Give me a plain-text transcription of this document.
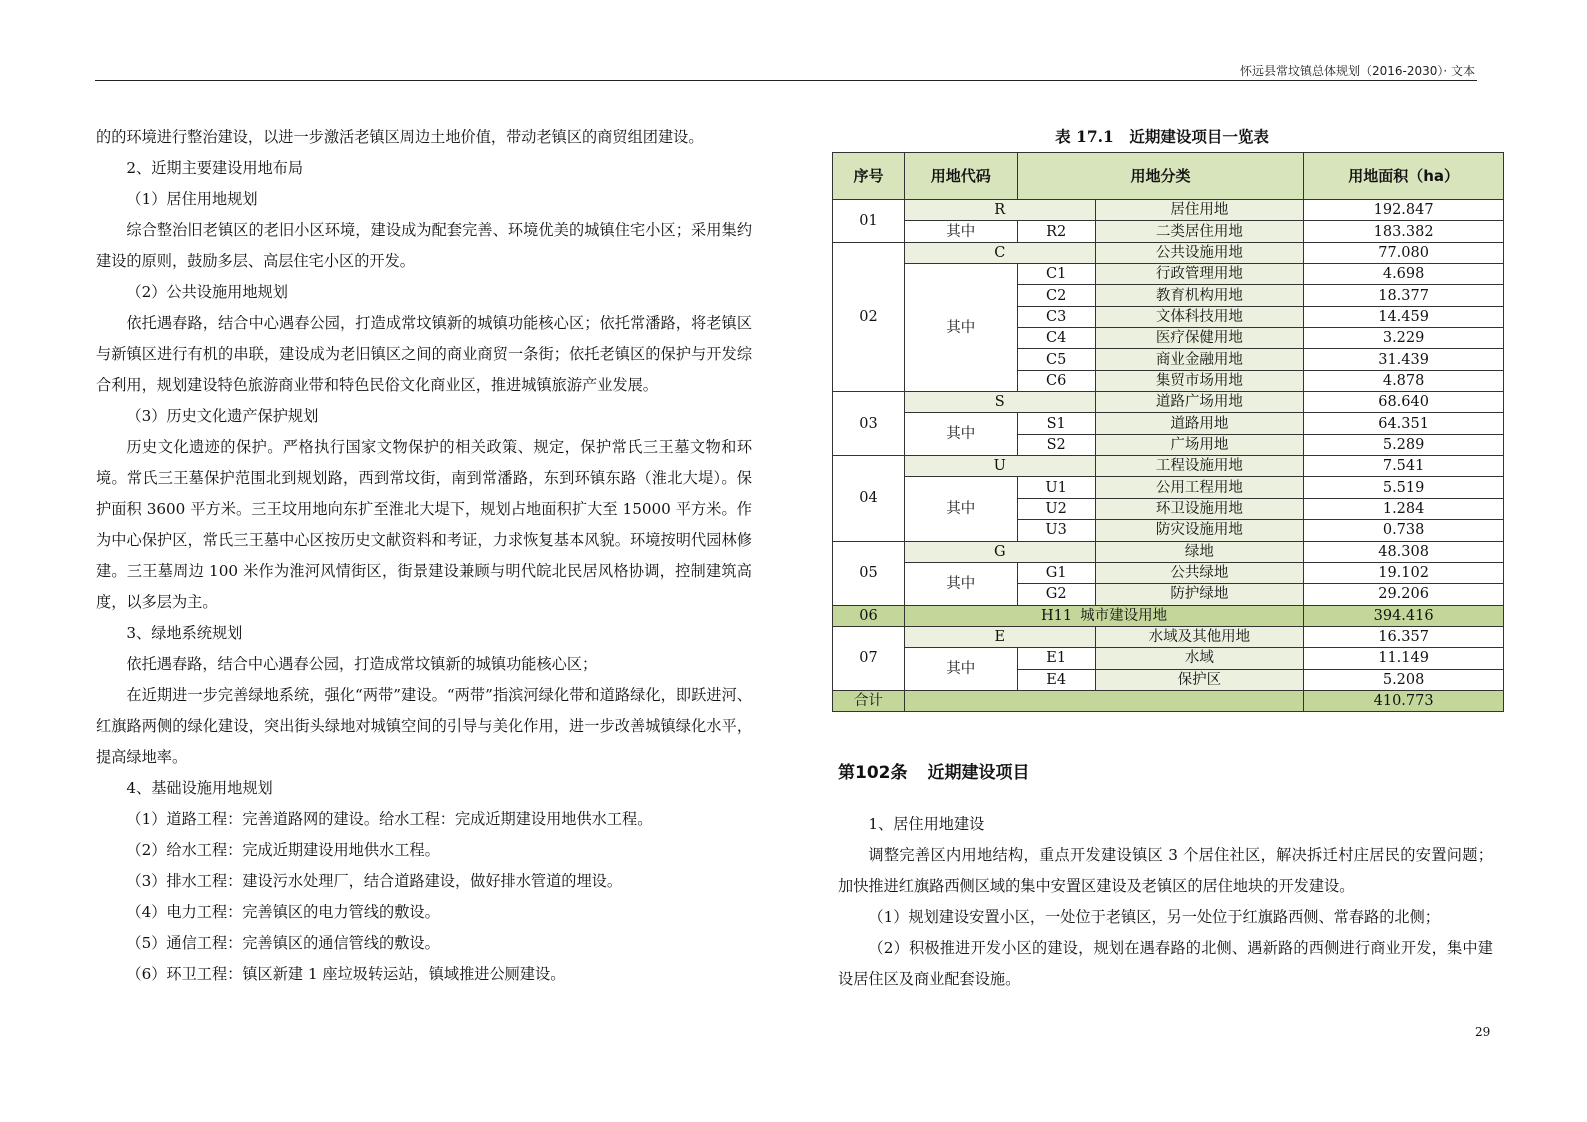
怀远县常坟镇总体规划（2016-2030）· 文本

的的环境进行整治建设，以进一步激活老镇区周边土地价值，带动老镇区的商贸组团建设。

2、近期主要建设用地布局

（1）居住用地规划

综合整治旧老镇区的老旧小区环境，建设成为配套完善、环境优美的城镇住宅小区；采用集约建设的原则，鼓励多层、高层住宅小区的开发。

（2）公共设施用地规划

依托遇春路，结合中心遇春公园，打造成常坟镇新的城镇功能核心区；依托常潘路，将老镇区与新镇区进行有机的串联，建设成为老旧镇区之间的商业商贸一条街；依托老镇区的保护与开发综合利用，规划建设特色旅游商业带和特色民俗文化商业区，推进城镇旅游产业发展。

（3）历史文化遗产保护规划

历史文化遗迹的保护。严格执行国家文物保护的相关政策、规定，保护常氏三王墓文物和环境。常氏三王墓保护范围北到规划路，西到常坟街，南到常潘路，东到环镇东路（淮北大堤）。保护面积 3600 平方米。三王坟用地向东扩至淮北大堤下，规划占地面积扩大至 15000 平方米。作为中心保护区，常氏三王墓中心区按历史文献资料和考证，力求恢复基本风貌。环境按明代园林修建。三王墓周边 100 米作为淮河风情街区，街景建设兼顾与明代皖北民居风格协调，控制建筑高度，以多层为主。

3、绿地系统规划

依托遇春路，结合中心遇春公园，打造成常坟镇新的城镇功能核心区；

在近期进一步完善绿地系统，强化“两带”建设。“两带”指滨河绿化带和道路绿化，即跃进河、红旗路两侧的绿化建设，突出街头绿地对城镇空间的引导与美化作用，进一步改善城镇绿化水平，提高绿地率。

4、基础设施用地规划

（1）道路工程：完善道路网的建设。给水工程：完成近期建设用地供水工程。

（2）给水工程：完成近期建设用地供水工程。

（3）排水工程：建设污水处理厂，结合道路建设，做好排水管道的埋设。

（4）电力工程：完善镇区的电力管线的敷设。

（5）通信工程：完善镇区的通信管线的敷设。

（6）环卫工程：镇区新建 1 座垃圾转运站，镇域推进公厕建设。

表 17.1　近期建设项目一览表
序号	用地代码	用地分类		用地面积（ha）
01	R		居住用地	192.847
	其中	R2	二类居住用地	183.382
02	C		公共设施用地	77.080
	其中	C1	行政管理用地	4.698
		C2	教育机构用地	18.377
		C3	文体科技用地	14.459
		C4	医疗保健用地	3.229
		C5	商业金融用地	31.439
		C6	集贸市场用地	4.878
03	S		道路广场用地	68.640
	其中	S1	道路用地	64.351
		S2	广场用地	5.289
04	U		工程设施用地	7.541
	其中	U1	公用工程用地	5.519
		U2	环卫设施用地	1.284
		U3	防灾设施用地	0.738
05	G		绿地	48.308
	其中	G1	公共绿地	19.102
		G2	防护绿地	29.206
06	H11 城市建设用地			394.416
07	E		水域及其他用地	16.357
	其中	E1	水域	11.149
		E4	保护区	5.208
合计				410.773
第102条 近期建设项目

1、居住用地建设

调整完善区内用地结构，重点开发建设镇区 3 个居住社区，解决拆迁村庄居民的安置问题；加快推进红旗路西侧区域的集中安置区建设及老镇区的居住地块的开发建设。

（1）规划建设安置小区，一处位于老镇区，另一处位于红旗路西侧、常春路的北侧；

（2）积极推进开发小区的建设，规划在遇春路的北侧、遇新路的西侧进行商业开发，集中建设居住区及商业配套设施。

29
